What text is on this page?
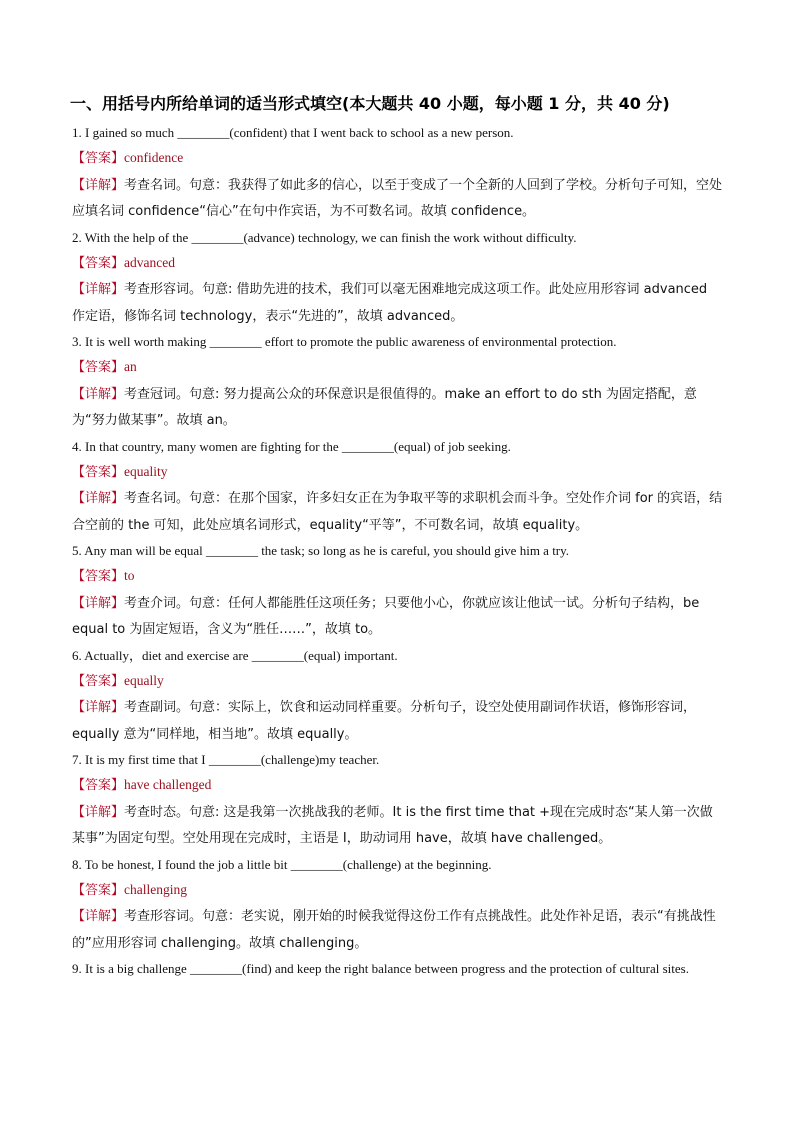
一、用括号内所给单词的适当形式填空(本大题共 40 小题，每小题 1 分，共 40 分)
1. I gained so much ________(confident) that I went back to school as a new person.
【答案】confidence
【详解】考查名词。句意：我获得了如此多的信心，以至于变成了一个全新的人回到了学校。分析句子可知，空处应填名词 confidence“信心”在句中作宾语，为不可数名词。故填 confidence。
2. With the help of the ________(advance) technology, we can finish the work without difficulty.
【答案】advanced
【详解】考查形容词。句意: 借助先进的技术，我们可以毫无困难地完成这项工作。此处应用形容词 advanced 作定语，修饰名词 technology，表示“先进的”，故填 advanced。
3. It is well worth making ________ effort to promote the public awareness of environmental protection.
【答案】an
【详解】考查冠词。句意: 努力提高公众的环保意识是很值得的。make an effort to do sth 为固定搭配，意为“努力做某事”。故填 an。
4. In that country, many women are fighting for the ________(equal) of job seeking.
【答案】equality
【详解】考查名词。句意：在那个国家，许多妇女正在为争取平等的求职机会而斗争。空处作介词 for 的宾语，结合空前的 the 可知，此处应填名词形式，equality“平等”，不可数名词，故填 equality。
5. Any man will be equal ________ the task; so long as he is careful, you should give him a try.
【答案】to
【详解】考查介词。句意：任何人都能胜任这项任务；只要他小心，你就应该让他试一试。分析句子结构，be equal to 为固定短语，含义为“胜任……”，故填 to。
6. Actually，diet and exercise are ________(equal) important.
【答案】equally
【详解】考查副词。句意：实际上，饮食和运动同样重要。分析句子，设空处使用副词作状语，修饰形容词，equally 意为“同样地，相当地”。故填 equally。
7. It is my first time that I ________(challenge)my teacher.
【答案】have challenged
【详解】考查时态。句意: 这是我第一次挑战我的老师。It is the first time that +现在完成时态“某人第一次做某事”为固定句型。空处用现在完成时，主语是 I，助动词用 have，故填 have challenged。
8. To be honest, I found the job a little bit ________(challenge) at the beginning.
【答案】challenging
【详解】考查形容词。句意：老实说，刚开始的时候我觉得这份工作有点挑战性。此处作补足语，表示“有挑战性的”应用形容词 challenging。故填 challenging。
9. It is a big challenge ________(find) and keep the right balance between progress and the protection of cultural sites.
